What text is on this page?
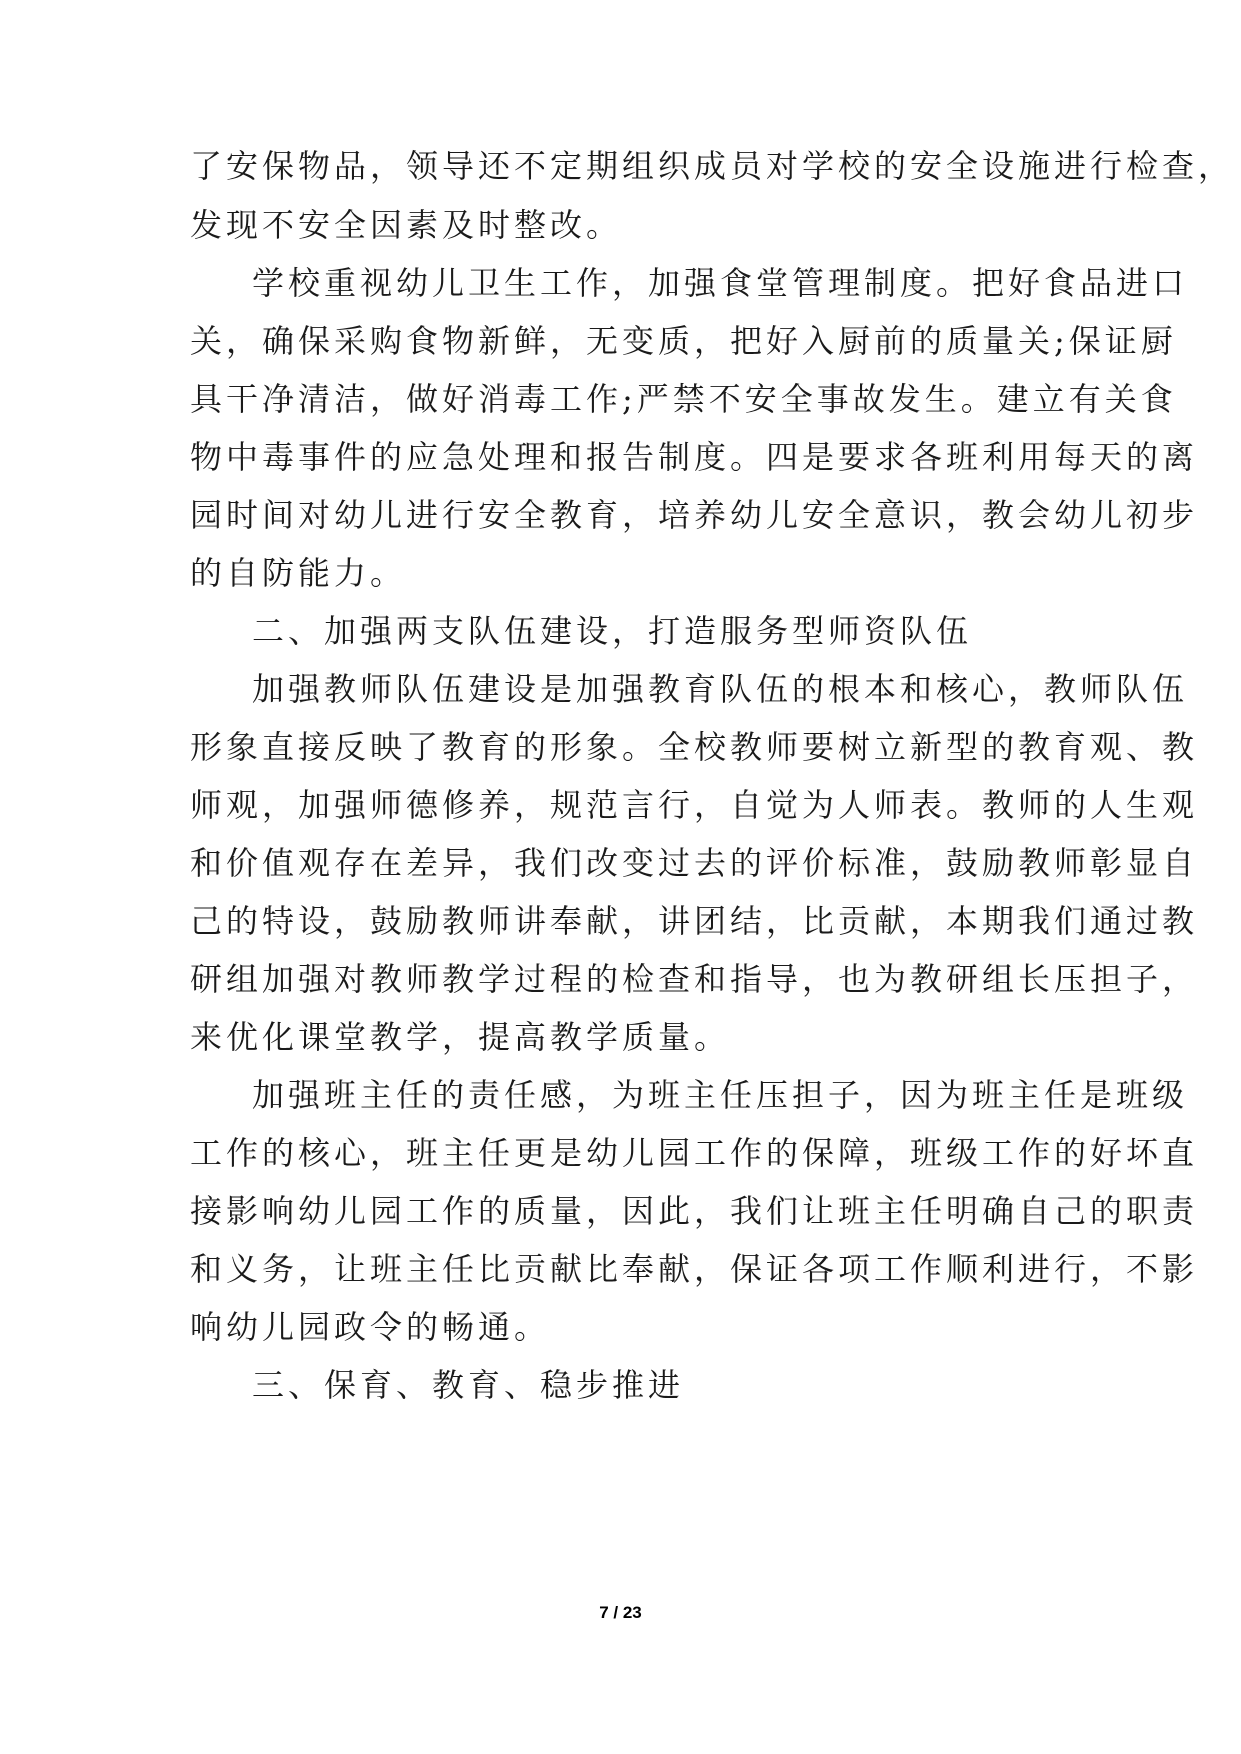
了安保物品，领导还不定期组织成员对学校的安全设施进行检查，
发现不安全因素及时整改。
学校重视幼儿卫生工作，加强食堂管理制度。把好食品进口
关，确保采购食物新鲜，无变质，把好入厨前的质量关;保证厨
具干净清洁，做好消毒工作;严禁不安全事故发生。建立有关食
物中毒事件的应急处理和报告制度。四是要求各班利用每天的离
园时间对幼儿进行安全教育，培养幼儿安全意识，教会幼儿初步
的自防能力。
二、加强两支队伍建设，打造服务型师资队伍
加强教师队伍建设是加强教育队伍的根本和核心，教师队伍
形象直接反映了教育的形象。全校教师要树立新型的教育观、教
师观，加强师德修养，规范言行，自觉为人师表。教师的人生观
和价值观存在差异，我们改变过去的评价标准，鼓励教师彰显自
己的特设，鼓励教师讲奉献，讲团结，比贡献，本期我们通过教
研组加强对教师教学过程的检查和指导，也为教研组长压担子，
来优化课堂教学，提高教学质量。
加强班主任的责任感，为班主任压担子，因为班主任是班级
工作的核心，班主任更是幼儿园工作的保障，班级工作的好坏直
接影响幼儿园工作的质量，因此，我们让班主任明确自己的职责
和义务，让班主任比贡献比奉献，保证各项工作顺利进行，不影
响幼儿园政令的畅通。
三、保育、教育、稳步推进
7 / 23
